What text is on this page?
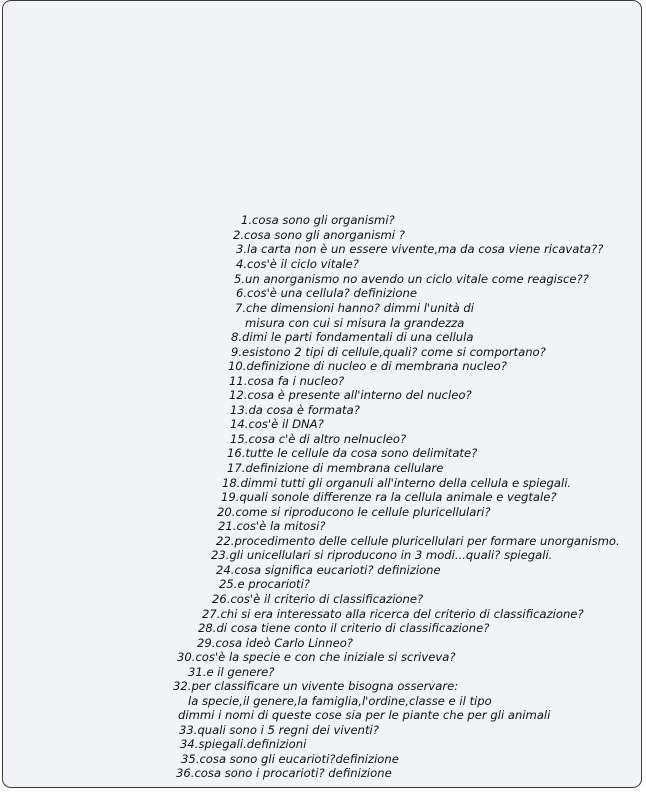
1.cosa sono gli organismi?
2.cosa sono gli anorganismi ?
3.la carta non è un essere vivente,ma da cosa viene ricavata??
4.cos'è il ciclo vitale?
5.un anorganismo no avendo un ciclo vitale come reagisce??
6.cos'è una cellula? definizione
7.che dimensioni hanno? dimmi l'unità di
misura con cui si misura la grandezza
8.dimi le parti fondamentali di una cellula
9.esistono 2 tipi di cellule,quali? come si comportano?
10.definizione di nucleo e di membrana nucleo?
11.cosa fa i nucleo?
12.cosa è presente all'interno del nucleo?
13.da cosa è formata?
14.cos'è il DNA?
15.cosa c'è di altro nelnucleo?
16.tutte le cellule da cosa sono delimitate?
17.definizione di membrana cellulare
18.dimmi tutti gli organuli all'interno della cellula e spiegali.
19.quali sonole differenze ra la cellula animale e vegtale?
20.come si riproducono le cellule pluricellulari?
21.cos'è la mitosi?
22.procedimento delle cellule pluricellulari per formare unorganismo.
23.gli unicellulari si riproducono in 3 modi...quali? spiegali.
24.cosa significa eucarioti? definizione
25.e procarioti?
26.cos'è il criterio di classificazione?
27.chi si era interessato alla ricerca del criterio di classificazione?
28.di cosa tiene conto il criterio di classificazione?
29.cosa ideò Carlo Linneo?
30.cos'è la specie e con che iniziale si scriveva?
31.e il genere?
32.per classificare un vivente bisogna osservare:
la specie,il genere,la famiglia,l'ordine,classe e il tipo
dimmi i nomi di queste cose sia per le piante che per gli animali
33.quali sono i 5 regni dei viventi?
34.spiegali.definizioni
35.cosa sono gli eucarioti?definizione
36.cosa sono i procarioti? definizione
